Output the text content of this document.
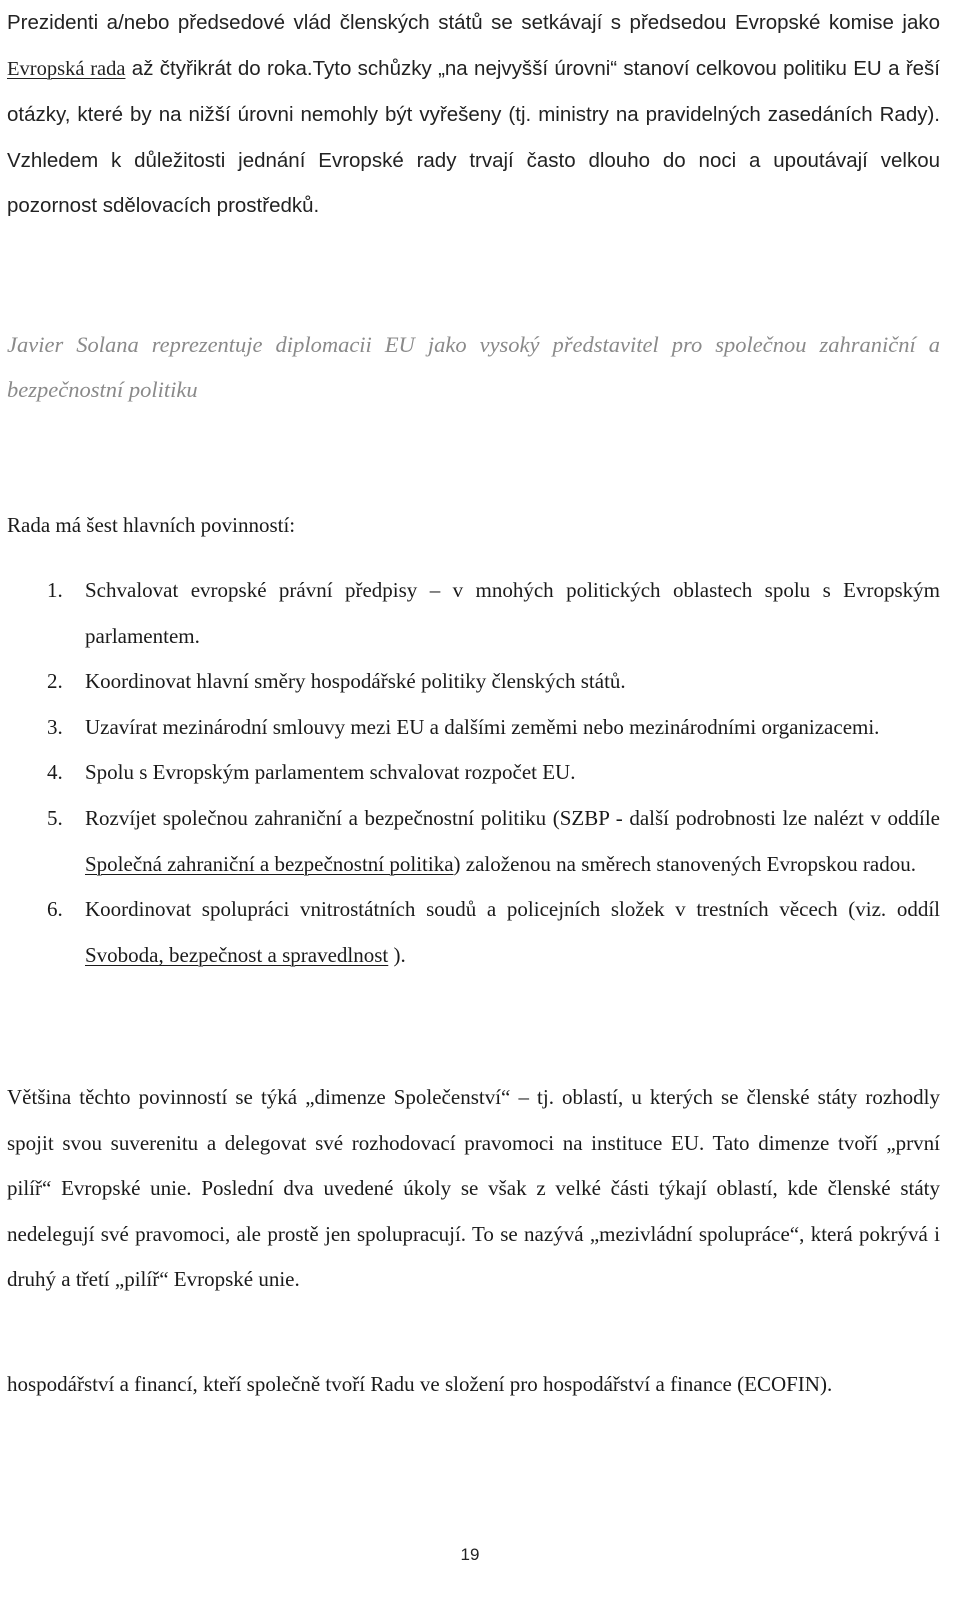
Prezidenti a/nebo předsedové vlád členských států se setkávají s předsedou Evropské komise jako Evropská rada až čtyřikrát do roka.Tyto schůzky „na nejvyšší úrovni“ stanoví celkovou politiku EU a řeší otázky, které by na nižší úrovni nemohly být vyřešeny (tj. ministry na pravidelných zasedáních Rady). Vzhledem k důležitosti jednání Evropské rady trvají často dlouho do noci a upoutávají velkou pozornost sdělovacích prostředků.

Javier Solana reprezentuje diplomacii EU jako vysoký představitel pro společnou zahraniční a bezpečnostní politiku

Rada má šest hlavních povinností:

1. Schvalovat evropské právní předpisy – v mnohých politických oblastech spolu s Evropským parlamentem.
2. Koordinovat hlavní směry hospodářské politiky členských států.
3. Uzavírat mezinárodní smlouvy mezi EU a dalšími zeměmi nebo mezinárodními organizacemi.
4. Spolu s Evropským parlamentem schvalovat rozpočet EU.
5. Rozvíjet společnou zahraniční a bezpečnostní politiku (SZBP - další podrobnosti lze nalézt v oddíle Společná zahraniční a bezpečnostní politika) založenou na směrech stanovených Evropskou radou.
6. Koordinovat spolupráci vnitrostátních soudů a policejních složek v trestních věcech (viz. oddíl Svoboda, bezpečnost a spravedlnost ).

Většina těchto povinností se týká „dimenze Společenství“ – tj. oblastí, u kterých se členské státy rozhodly spojit svou suverenitu a delegovat své rozhodovací pravomoci na instituce EU. Tato dimenze tvoří „první pilíř“ Evropské unie. Poslední dva uvedené úkoly se však z velké části týkají oblastí, kde členské státy nedelegují své pravomoci, ale prostě jen spolupracují. To se nazývá „mezivládní spolupráce“, která pokrývá i druhý a třetí „pilíř“ Evropské unie.

hospodářství a financí, kteří společně tvoří Radu ve složení pro hospodářství a finance (ECOFIN).

19
